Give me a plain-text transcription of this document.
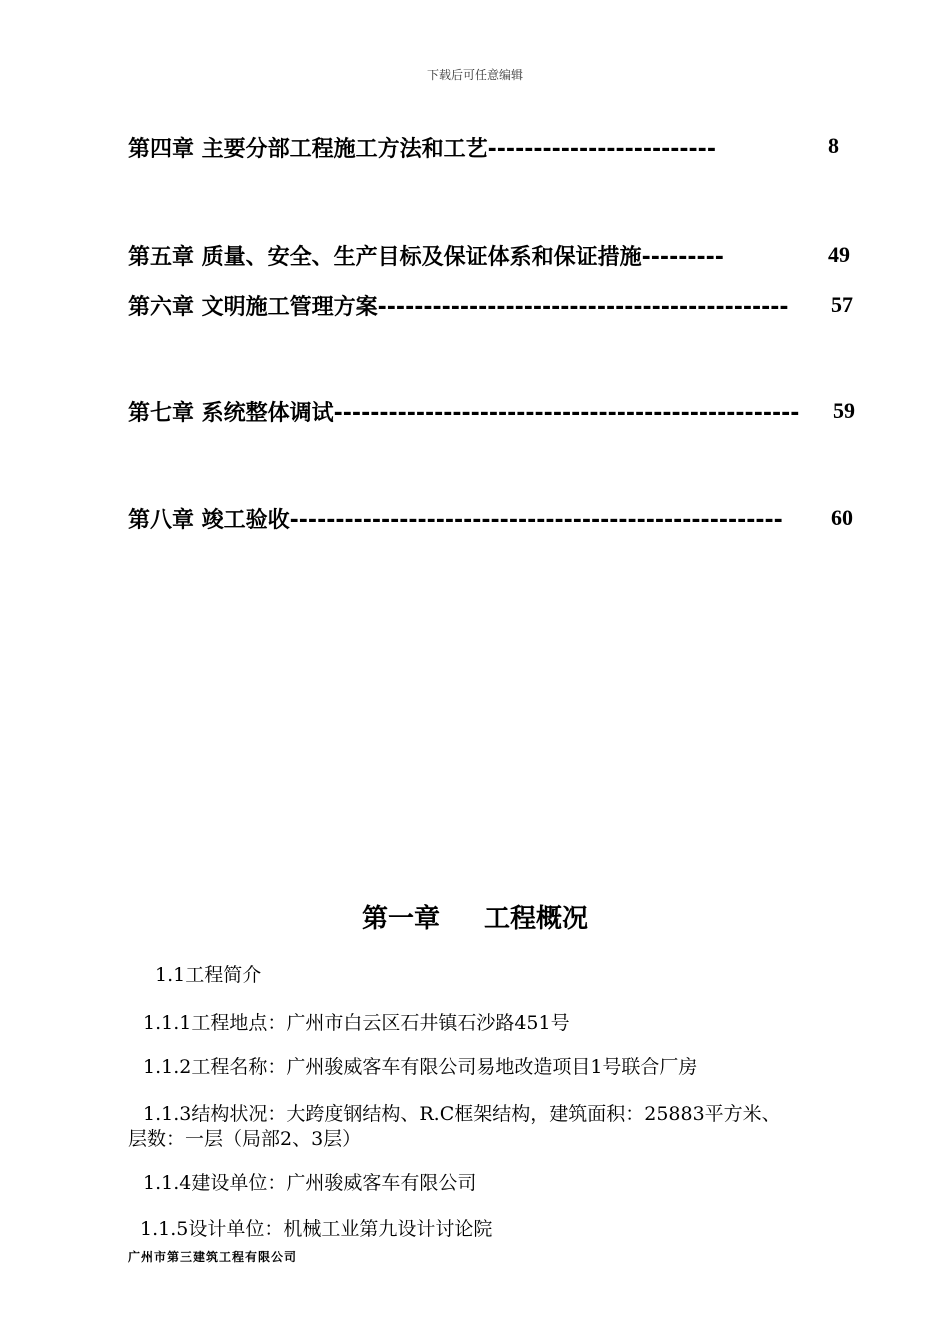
下载后可任意编辑
第四章 主要分部工程施工方法和工艺-------------------------	8
第五章 质量、安全、生产目标及保证体系和保证措施---------	49
第六章 文明施工管理方案--------------------------------------------- 57
第七章 系统整体调试--------------------------------------------------- 59
第八章 竣工验收------------------------------------------------------ 60
第一章 工程概况
1.1工程简介
1.1.1工程地点：广州市白云区石井镇石沙路451号
1.1.2工程名称：广州骏威客车有限公司易地改造项目1号联合厂房
1.1.3结构状况：大跨度钢结构、R.C框架结构，建筑面积：25883平方米、
层数：一层（局部2、3层）
1.1.4建设单位：广州骏威客车有限公司
1.1.5设计单位：机械工业第九设计讨论院
广州市第三建筑工程有限公司
